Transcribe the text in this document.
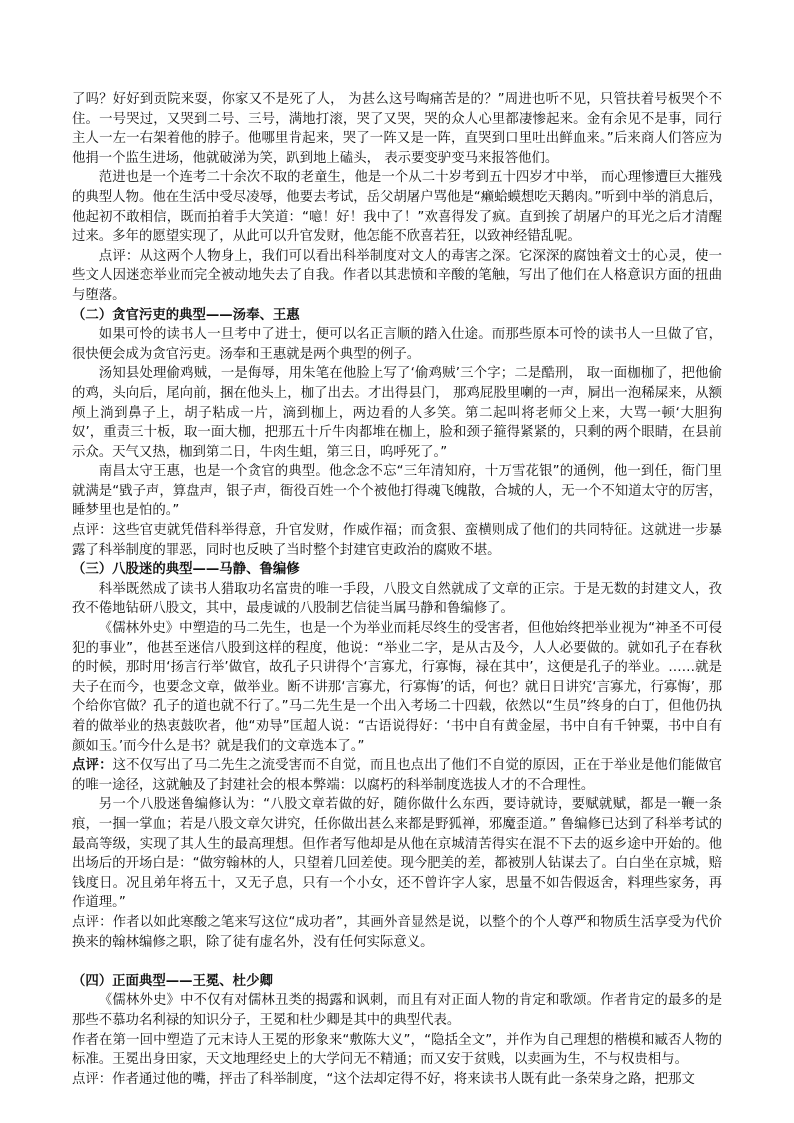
了吗？好好到贡院来耍，你家又不是死了人， 为甚么这号啕痛苦是的？”周进也听不见，只管扶着号板哭个不住。一号哭过，又哭到二号、三号，满地打滚，哭了又哭，哭的众人心里都凄惨起来。金有余见不是事，同行主人一左一右架着他的脖子。他哪里肯起来，哭了一阵又是一阵，直哭到口里吐出鲜血来。”后来商人们答应为他捐一个监生进场，他就破涕为笑，趴到地上磕头， 表示要变驴变马来报答他们。

范进也是一个连考二十余次不取的老童生，他是一个从二十岁考到五十四岁才中举， 而心理惨遭巨大摧残的典型人物。他在生活中受尽凌辱，他要去考试，岳父胡屠户骂他是“癞蛤蟆想吃天鹅肉。”听到中举的消息后，他起初不敢相信，既而拍着手大笑道：“噫！好！我中了！”欢喜得发了疯。直到挨了胡屠户的耳光之后才清醒过来。多年的愿望实现了，从此可以升官发财，他怎能不欣喜若狂，以致神经错乱呢。

点评：从这两个人物身上，我们可以看出科举制度对文人的毒害之深。它深深的腐蚀着文士的心灵，使一些文人因迷恋举业而完全被动地失去了自我。作者以其悲愤和辛酸的笔触，写出了他们在人格意识方面的扭曲与堕落。

（二）贪官污吏的典型——汤奉、王惠

如果可怜的读书人一旦考中了进士，便可以名正言顺的踏入仕途。而那些原本可怜的读书人一旦做了官，很快便会成为贪官污吏。汤奉和王惠就是两个典型的例子。

汤知县处理偷鸡贼，一是侮辱，用朱笔在他脸上写了‘偷鸡贼’三个字；二是酷刑， 取一面枷枷了，把他偷的鸡，头向后，尾向前，捆在他头上，枷了出去。才出得县门， 那鸡屁股里喇的一声，屙出一泡稀屎来，从额颅上淌到鼻子上，胡子粘成一片，滴到枷上，两边看的人多笑。第二起叫将老师父上来，大骂一顿‘大胆狗奴’，重责三十板，取一面大枷，把那五十斤牛肉都堆在枷上，脸和颈子箍得紧紧的，只剩的两个眼睛，在县前示众。天气又热，枷到第二日，牛肉生蛆，第三日，呜呼死了。”

南昌太守王惠，也是一个贪官的典型。他念念不忘“三年清知府，十万雪花银”的通例，他一到任，衙门里就满是“戥子声，算盘声，银子声，衙役百姓一个个被他打得魂飞魄散，合城的人，无一个不知道太守的厉害，睡梦里也是怕的。”

点评：这些官吏就凭借科举得意，升官发财，作威作福；而贪狠、蛮横则成了他们的共同特征。这就进一步暴露了科举制度的罪恶，同时也反映了当时整个封建官吏政治的腐败不堪。

（三）八股迷的典型——马静、鲁编修

科举既然成了读书人猎取功名富贵的唯一手段，八股文自然就成了文章的正宗。于是无数的封建文人，孜孜不倦地钻研八股文，其中，最虔诚的八股制艺信徒当属马静和鲁编修了。

《儒林外史》中塑造的马二先生，也是一个为举业而耗尽终生的受害者，但他始终把举业视为“神圣不可侵犯的事业”，他甚至迷信八股到这样的程度，他说：“举业二字，是从古及今，人人必要做的。就如孔子在春秋的时候，那时用‘扬言行举’做官，故孔子只讲得个‘言寡尤，行寡悔，禄在其中’，这便是孔子的举业。……就是夫子在而今，也要念文章，做举业。断不讲那‘言寡尤，行寡悔’的话，何也？就日日讲究‘言寡尤，行寡悔’，那个给你官做？孔子的道也就不行了。”马二先生是一个出入考场二十四载，依然以“生员”终身的白丁，但他仍执着的做举业的热衷鼓吹者，他“劝导”匡超人说：“古语说得好：‘书中自有黄金屋，书中自有千钟粟，书中自有颜如玉。’而今什么是书？就是我们的文章选本了。”

点评：这不仅写出了马二先生之流受害而不自觉，而且也点出了他们不自觉的原因，正在于举业是他们能做官的唯一途径，这就触及了封建社会的根本弊端：以腐朽的科举制度选拔人才的不合理性。

另一个八股迷鲁编修认为：“八股文章若做的好，随你做什么东西，要诗就诗，要赋就赋，都是一鞭一条痕，一掴一掌血；若是八股文章欠讲究，任你做出甚么来都是野狐禅，邪魔歪道。” 鲁编修已达到了科举考试的最高等级，实现了其人生的最高理想。但作者写他却是从他在京城清苦得实在混不下去的返乡途中开始的。他出场后的开场白是：“做穷翰林的人，只望着几回差使。现今肥美的差，都被别人钻谋去了。白白坐在京城，赔钱度日。况且弟年将五十，又无子息，只有一个小女，还不曾许字人家，思量不如告假返舍，料理些家务，再作道理。”

点评：作者以如此寒酸之笔来写这位“成功者”，其画外音显然是说，以整个的个人尊严和物质生活享受为代价换来的翰林编修之职，除了徒有虚名外，没有任何实际意义。

（四）正面典型——王冕、杜少卿

《儒林外史》中不仅有对儒林丑类的揭露和讽刺，而且有对正面人物的肯定和歌颂。作者肯定的最多的是那些不慕功名利禄的知识分子，王冕和杜少卿是其中的典型代表。

作者在第一回中塑造了元末诗人王冕的形象来“敷陈大义”，“隐括全文”，并作为自己理想的楷模和臧否人物的标准。王冕出身田家，天文地理经史上的大学问无不精通；而又安于贫贱，以卖画为生，不与权贵相与。

点评：作者通过他的嘴，抨击了科举制度，“这个法却定得不好，将来读书人既有此一条荣身之路，把那文
